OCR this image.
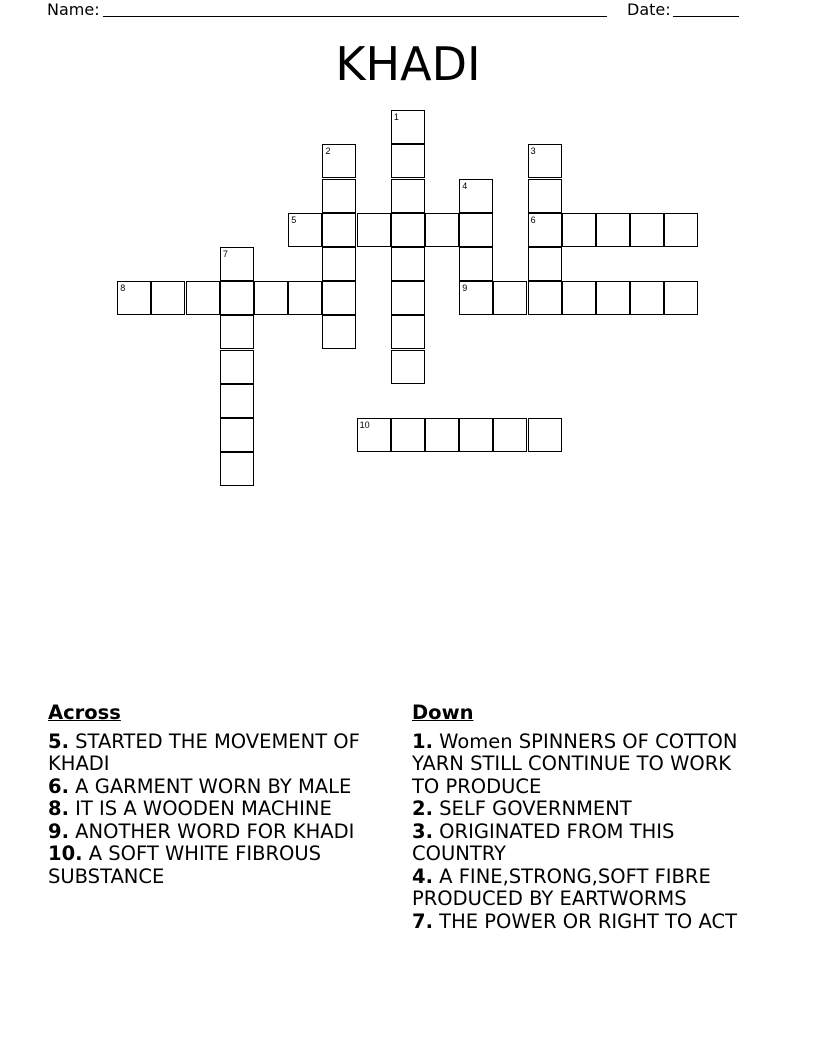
Name:	Date:
KHADI
1
2	3
6
4
9
5
7
8
10
Across
5. STARTED THE MOVEMENT OF KHADI
6. A GARMENT WORN BY MALE
8. IT IS A WOODEN MACHINE
9. ANOTHER WORD FOR KHADI
10. A SOFT WHITE FIBROUS SUBSTANCE
Down
1. Women SPINNERS OF COTTON YARN STILL CONTINUE TO WORK TO PRODUCE
2. SELF GOVERNMENT
3. ORIGINATED FROM THIS COUNTRY
4. A FINE,STRONG,SOFT FIBRE PRODUCED BY EARTWORMS
7. THE POWER OR RIGHT TO ACT
